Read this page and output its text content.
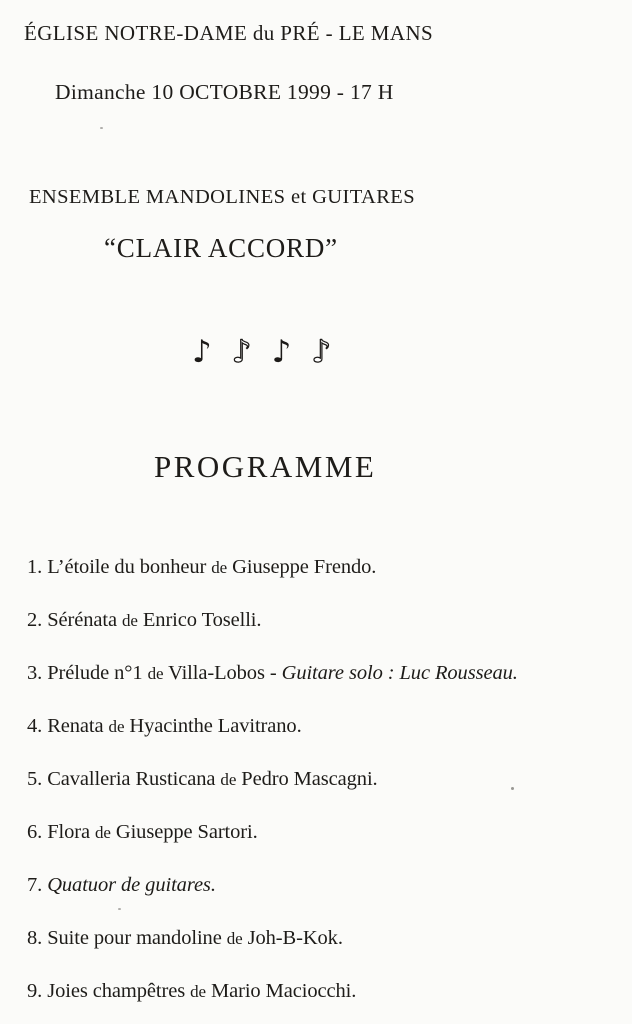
ÉGLISE NOTRE-DAME du PRÉ - LE MANS
Dimanche 10 OCTOBRE 1999 - 17 H
ENSEMBLE MANDOLINES et GUITARES
“CLAIR ACCORD”
♪ ♪ ♪ ♪
PROGRAMME
1. L’étoile du bonheur de Giuseppe Frendo.
2. Sérénata de Enrico Toselli.
3. Prélude n°1 de Villa-Lobos - Guitare solo : Luc Rousseau.
4. Renata de Hyacinthe Lavitrano.
5. Cavalleria Rusticana de Pedro Mascagni.
6. Flora de Giuseppe Sartori.
7. Quatuor de guitares.
8. Suite pour mandoline de Joh-B-Kok.
9. Joies champêtres de Mario Maciocchi.
